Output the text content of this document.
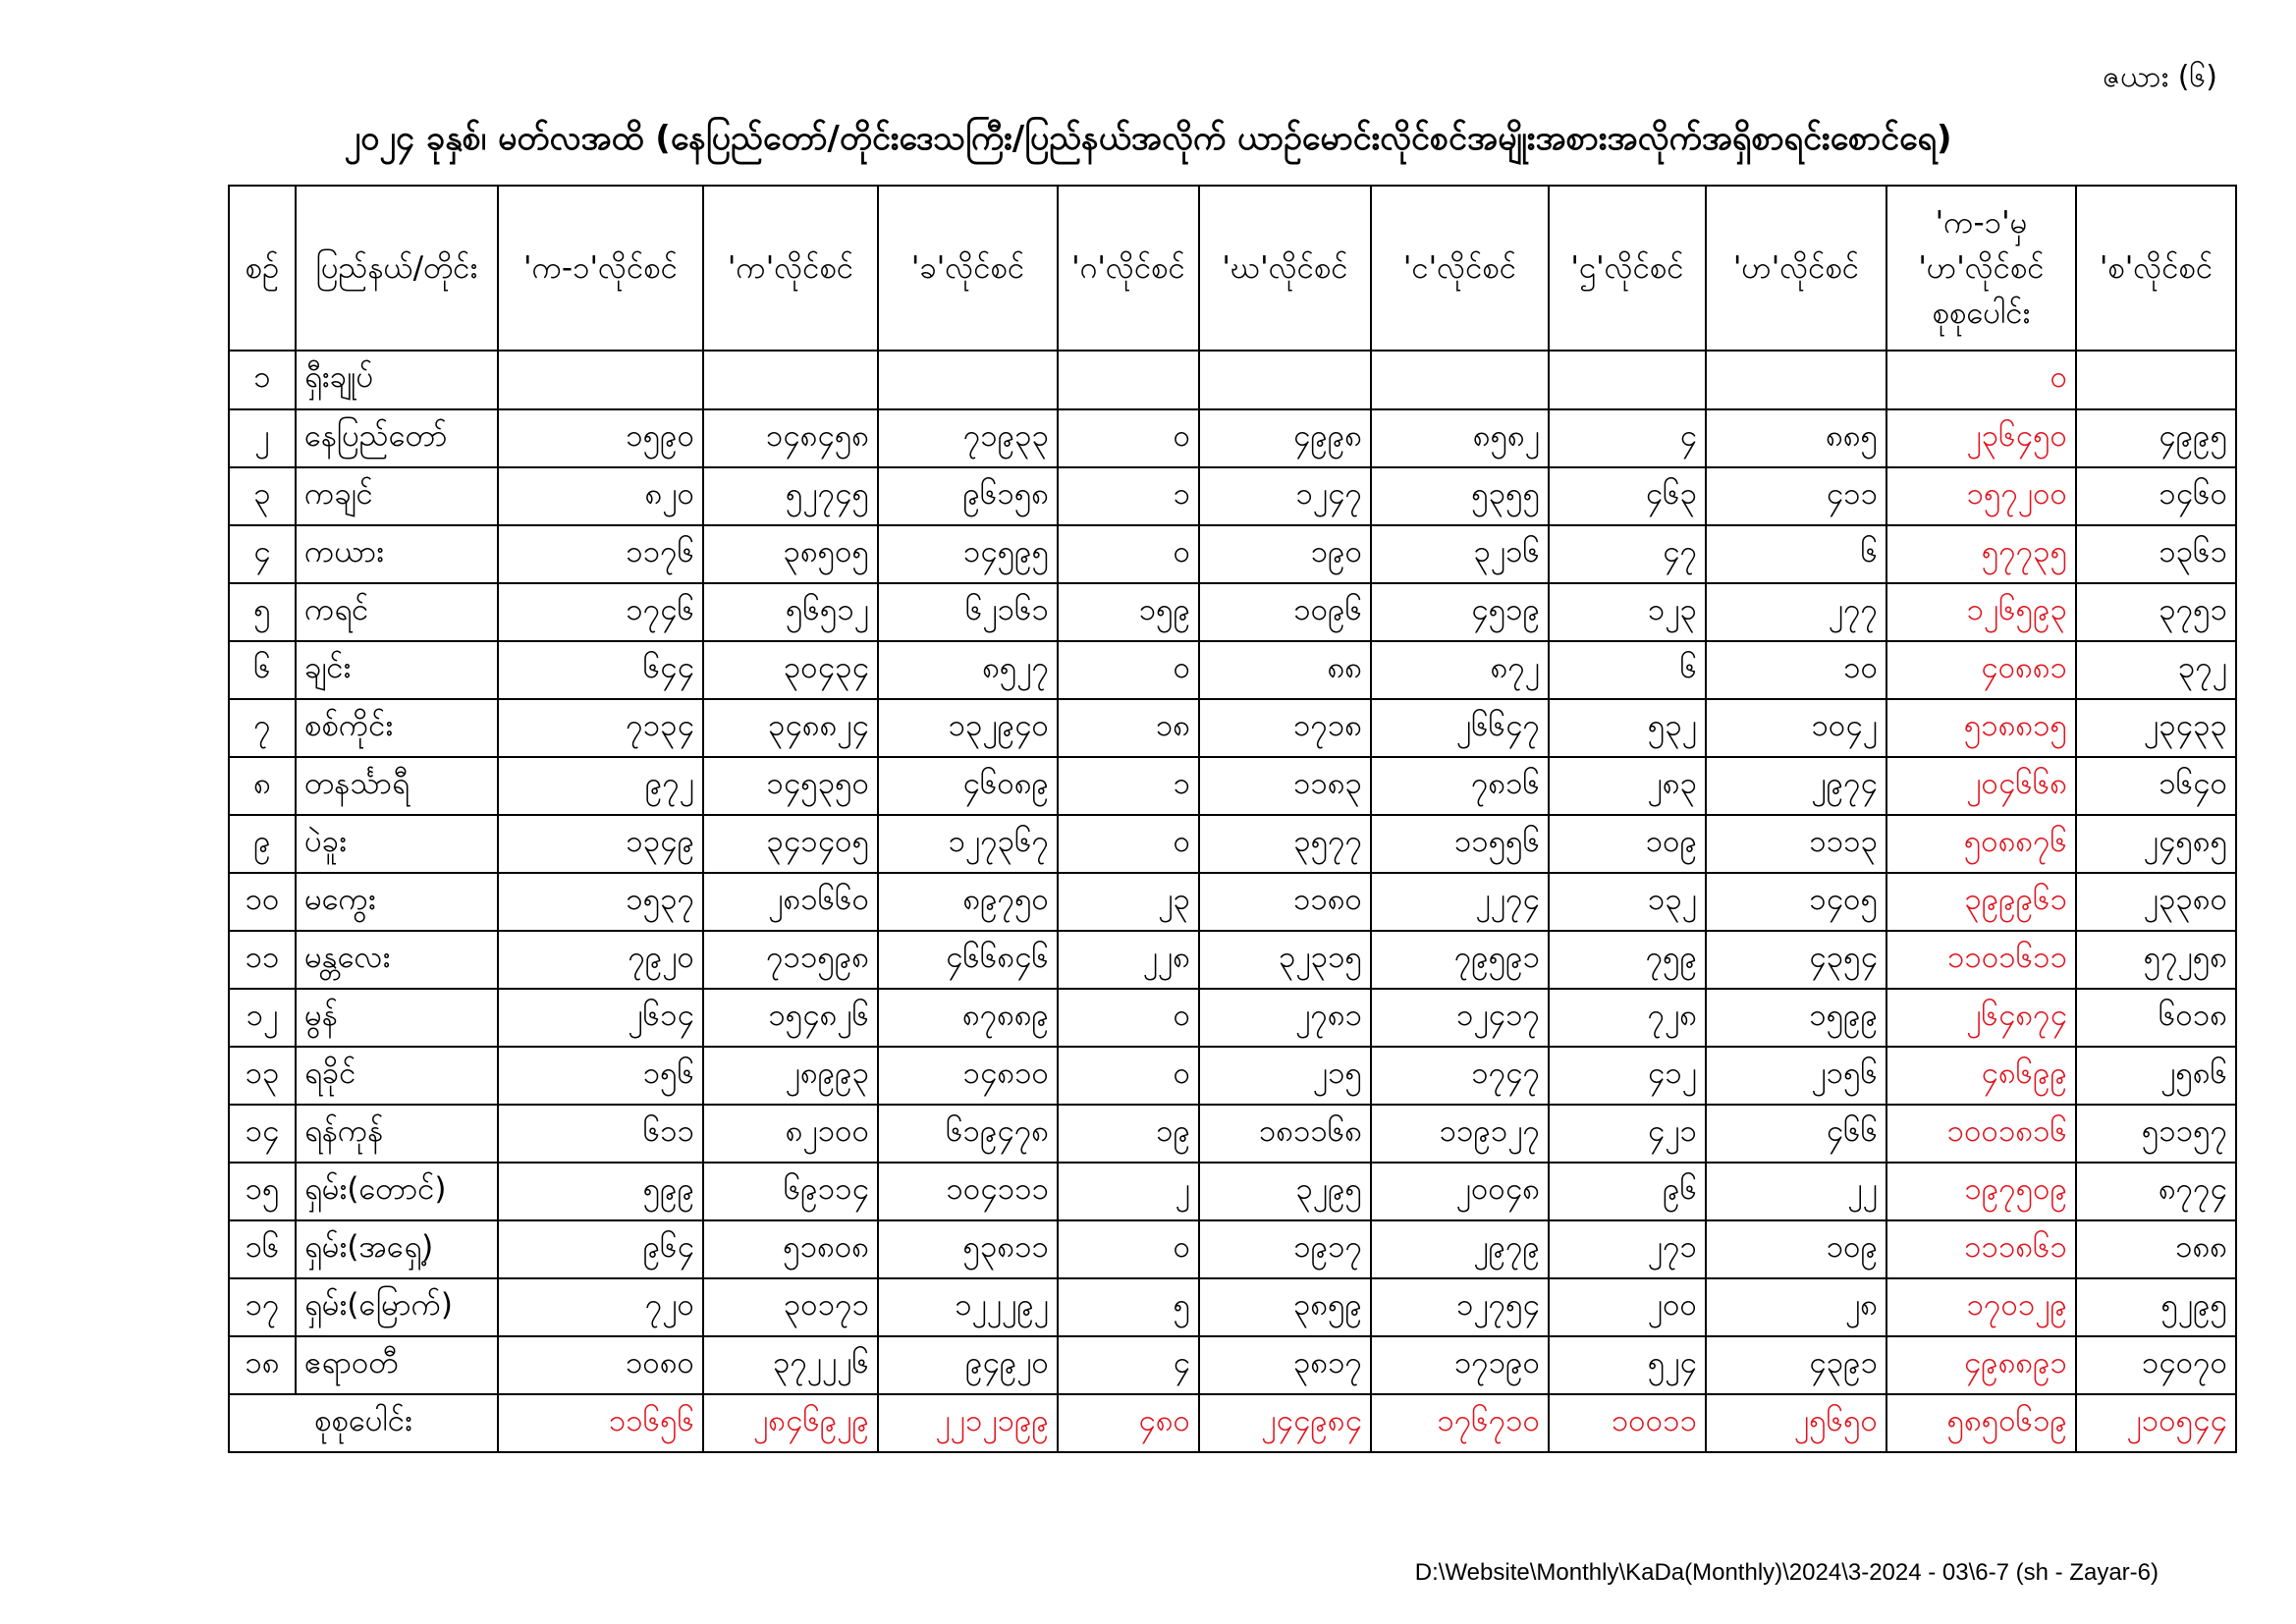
ဇယား (၆)
၂၀၂၄ ခုနှစ်၊ မတ်လအထိ (နေပြည်တော်/တိုင်းဒေသကြီး/ပြည်နယ်အလိုက် ယာဉ်မောင်းလိုင်စင်အမျိုးအစားအလိုက်အရှိစာရင်းစောင်ရေ)
စဉ်	ပြည်နယ်/တိုင်း	'က-၁'လိုင်စင်	'က'လိုင်စင်	'ခ'လိုင်စင်	'ဂ'လိုင်စင်	'ဃ'လိုင်စင်	'င'လိုင်စင်	'ဌ'လိုင်စင်	'ဟ'လိုင်စင်	'က-၁'မှ 'ဟ'လိုင်စင် စုစုပေါင်း	'စ'လိုင်စင်
၁	ရှီးချုပ်									၀	
၂	နေပြည်တော်	၁၅၉၀	၁၄၈၄၅၈	၇၁၉၃၃	၀	၄၉၉၈	၈၅၈၂	၄	၈၈၅	၂၃၆၄၅၀	၄၉၉၅
၃	ကချင်	၈၂၀	၅၂၇၄၅	၉၆၁၅၈	၁	၁၂၄၇	၅၃၅၅	၄၆၃	၄၁၁	၁၅၇၂၀၀	၁၄၆၀
၄	ကယား	၁၁၇၆	၃၈၅၀၅	၁၄၅၉၅	၀	၁၉၀	၃၂၁၆	၄၇	၆	၅၇၇၃၅	၁၃၆၁
၅	ကရင်	၁၇၄၆	၅၆၅၁၂	၆၂၁၆၁	၁၅၉	၁၀၉၆	၄၅၁၉	၁၂၃	၂၇၇	၁၂၆၅၉၃	၃၇၅၁
၆	ချင်း	၆၄၄	၃၀၄၃၄	၈၅၂၇	၀	၈၈	၈၇၂	၆	၁၀	၄၀၈၈၁	၃၇၂
၇	စစ်ကိုင်း	၇၁၃၄	၃၄၈၈၂၄	၁၃၂၉၄၀	၁၈	၁၇၁၈	၂၆၆၄၇	၅၃၂	၁၀၄၂	၅၁၈၈၁၅	၂၃၄၃၃
၈	တနင်္သာရီ	၉၇၂	၁၄၅၃၅၀	၄၆၀၈၉	၁	၁၁၈၃	၇၈၁၆	၂၈၃	၂၉၇၄	၂၀၄၆၆၈	၁၆၄၀
၉	ပဲခူး	၁၃၄၉	၃၄၁၄၀၅	၁၂၇၃၆၇	၀	၃၅၇၇	၁၁၅၅၆	၁၀၉	၁၁၁၃	၅၀၈၈၇၆	၂၄၅၈၅
၁၀	မကွေး	၁၅၃၇	၂၈၁၆၆၀	၈၉၇၅၀	၂၃	၁၁၈၀	၂၂၇၄	၁၃၂	၁၄၀၅	၃၉၉၉၆၁	၂၃၃၈၀
၁၁	မန္တလေး	၇၉၂၀	၇၁၁၅၉၈	၄၆၆၈၄၆	၂၂၈	၃၂၃၁၅	၇၉၅၉၁	၇၅၉	၄၃၅၄	၁၁၀၁၆၁၁	၅၇၂၅၈
၁၂	မွန်	၂၆၁၄	၁၅၄၈၂၆	၈၇၈၈၉	၀	၂၇၈၁	၁၂၄၁၇	၇၂၈	၁၅၉၉	၂၆၄၈၇၄	၆၀၁၈
၁၃	ရခိုင်	၁၅၆	၂၈၉၉၃	၁၄၈၁၀	၀	၂၁၅	၁၇၄၇	၄၁၂	၂၁၅၆	၄၈၆၉၉	၂၅၈၆
၁၄	ရန်ကုန်	၆၁၁	၈၂၁၀၀	၆၁၉၄၇၈	၁၉	၁၈၁၁၆၈	၁၁၉၁၂၇	၄၂၁	၄၆၆	၁၀၀၁၈၁၆	၅၁၁၅၇
၁၅	ရှမ်း(တောင်)	၅၉၉	၆၉၁၁၄	၁၀၄၁၁၁	၂	၃၂၉၅	၂၀၀၄၈	၉၆	၂၂	၁၉၇၅၀၉	၈၇၇၄
၁၆	ရှမ်း(အရှေ့)	၉၆၄	၅၁၈၀၈	၅၃၈၁၁	၀	၁၉၁၇	၂၉၇၉	၂၇၁	၁၀၉	၁၁၁၈၆၁	၁၈၈
၁၇	ရှမ်း(မြောက်)	၇၂၀	၃၀၁၇၁	၁၂၂၂၉၂	၅	၃၈၅၉	၁၂၇၅၄	၂၀၀	၂၈	၁၇၀၁၂၉	၅၂၉၅
၁၈	ဧရာဝတီ	၁၀၈၀	၃၇၂၂၂၆	၉၄၉၂၀	၄	၃၈၁၇	၁၇၁၉၀	၅၂၄	၄၃၉၁	၄၉၈၈၉၁	၁၄၀၇၀
စုစုပေါင်း		၁၁၆၅၆	၂၈၄၆၉၂၉	၂၂၁၂၁၉၉	၄၈၀	၂၄၄၉၈၄	၁၇၆၇၁၀	၁၀၀၁၁	၂၅၆၅၀	၅၈၅၀၆၁၉	၂၁၀၅၄၄
D:\Website\Monthly\KaDa(Monthly)\2024\3-2024 - 03\6-7 (sh - Zayar-6)
